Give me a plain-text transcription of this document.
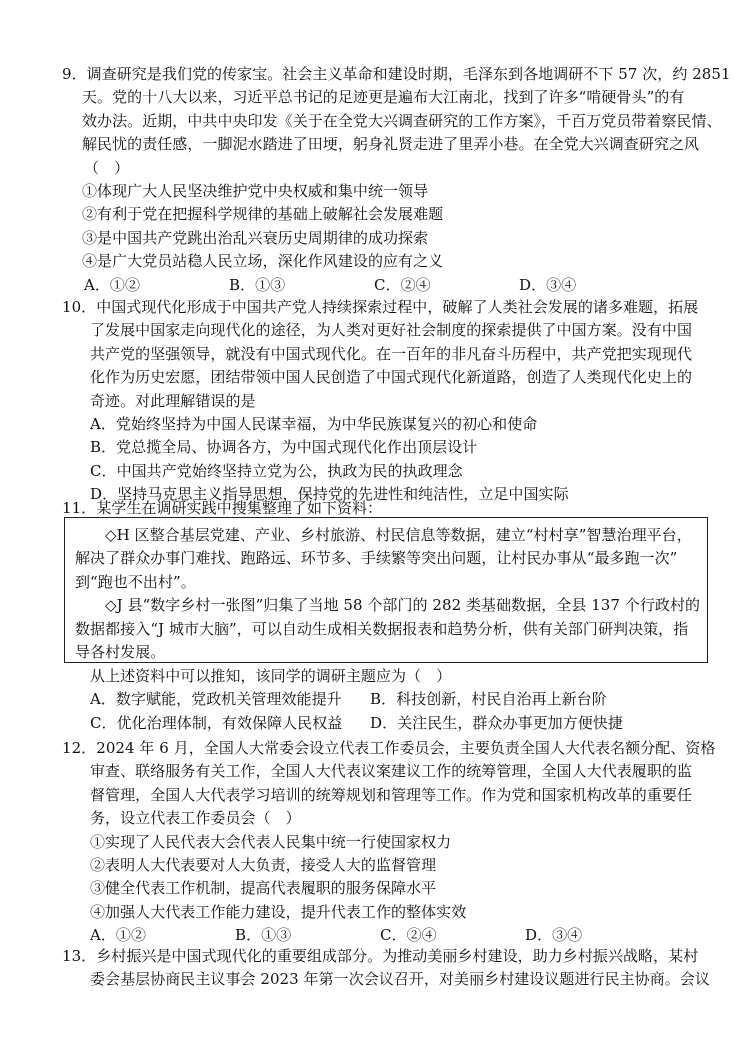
9．调查研究是我们党的传家宝。社会主义革命和建设时期，毛泽东到各地调研不下 57 次，约 2851
天。党的十八大以来，习近平总书记的足迹更是遍布大江南北，找到了许多“啃硬骨头”的有
效办法。近期，中共中央印发《关于在全党大兴调查研究的工作方案》，千百万党员带着察民情、
解民忧的责任感，一脚泥水踏进了田埂，躬身礼贤走进了里弄小巷。在全党大兴调查研究之风
（　）
①体现广大人民坚决维护党中央权威和集中统一领导
②有利于党在把握科学规律的基础上破解社会发展难题
③是中国共产党跳出治乱兴衰历史周期律的成功探索
④是广大党员站稳人民立场，深化作风建设的应有之义
A．①②	B．①③	C．②④	D．③④
10．中国式现代化形成于中国共产党人持续探索过程中，破解了人类社会发展的诸多难题，拓展
了发展中国家走向现代化的途径，为人类对更好社会制度的探索提供了中国方案。没有中国
共产党的坚强领导，就没有中国式现代化。在一百年的非凡奋斗历程中，共产党把实现现代
化作为历史宏愿，团结带领中国人民创造了中国式现代化新道路，创造了人类现代化史上的
奇迹。对此理解错误的是
A．党始终坚持为中国人民谋幸福，为中华民族谋复兴的初心和使命
B．党总揽全局、协调各方，为中国式现代化作出顶层设计
C．中国共产党始终坚持立党为公，执政为民的执政理念
D．坚持马克思主义指导思想，保持党的先进性和纯洁性，立足中国实际
11．某学生在调研实践中搜集整理了如下资料：
◇H 区整合基层党建、产业、乡村旅游、村民信息等数据，建立“村村享”智慧治理平台，
解决了群众办事门难找、跑路远、环节多、手续繁等突出问题，让村民办事从“最多跑一次”
到“跑也不出村”。
◇J 县“数字乡村一张图”归集了当地 58 个部门的 282 类基础数据，全县 137 个行政村的
数据都接入“J 城市大脑”，可以自动生成相关数据报表和趋势分析，供有关部门研判决策，指
导各村发展。
从上述资料中可以推知，该同学的调研主题应为（　）
A．数字赋能，党政机关管理效能提升	B．科技创新，村民自治再上新台阶
C．优化治理体制，有效保障人民权益	D．关注民生，群众办事更加方便快捷
12．2024 年 6 月，全国人大常委会设立代表工作委员会，主要负责全国人大代表名额分配、资格
审查、联络服务有关工作，全国人大代表议案建议工作的统筹管理，全国人大代表履职的监
督管理，全国人大代表学习培训的统筹规划和管理等工作。作为党和国家机构改革的重要任
务，设立代表工作委员会（　）
①实现了人民代表大会代表人民集中统一行使国家权力
②表明人大代表要对人大负责，接受人大的监督管理
③健全代表工作机制，提高代表履职的服务保障水平
④加强人大代表工作能力建设，提升代表工作的整体实效
A．①②	B．①③	C．②④	D．③④
13．乡村振兴是中国式现代化的重要组成部分。为推动美丽乡村建设，助力乡村振兴战略，某村
委会基层协商民主议事会 2023 年第一次会议召开，对美丽乡村建设议题进行民主协商。会议
